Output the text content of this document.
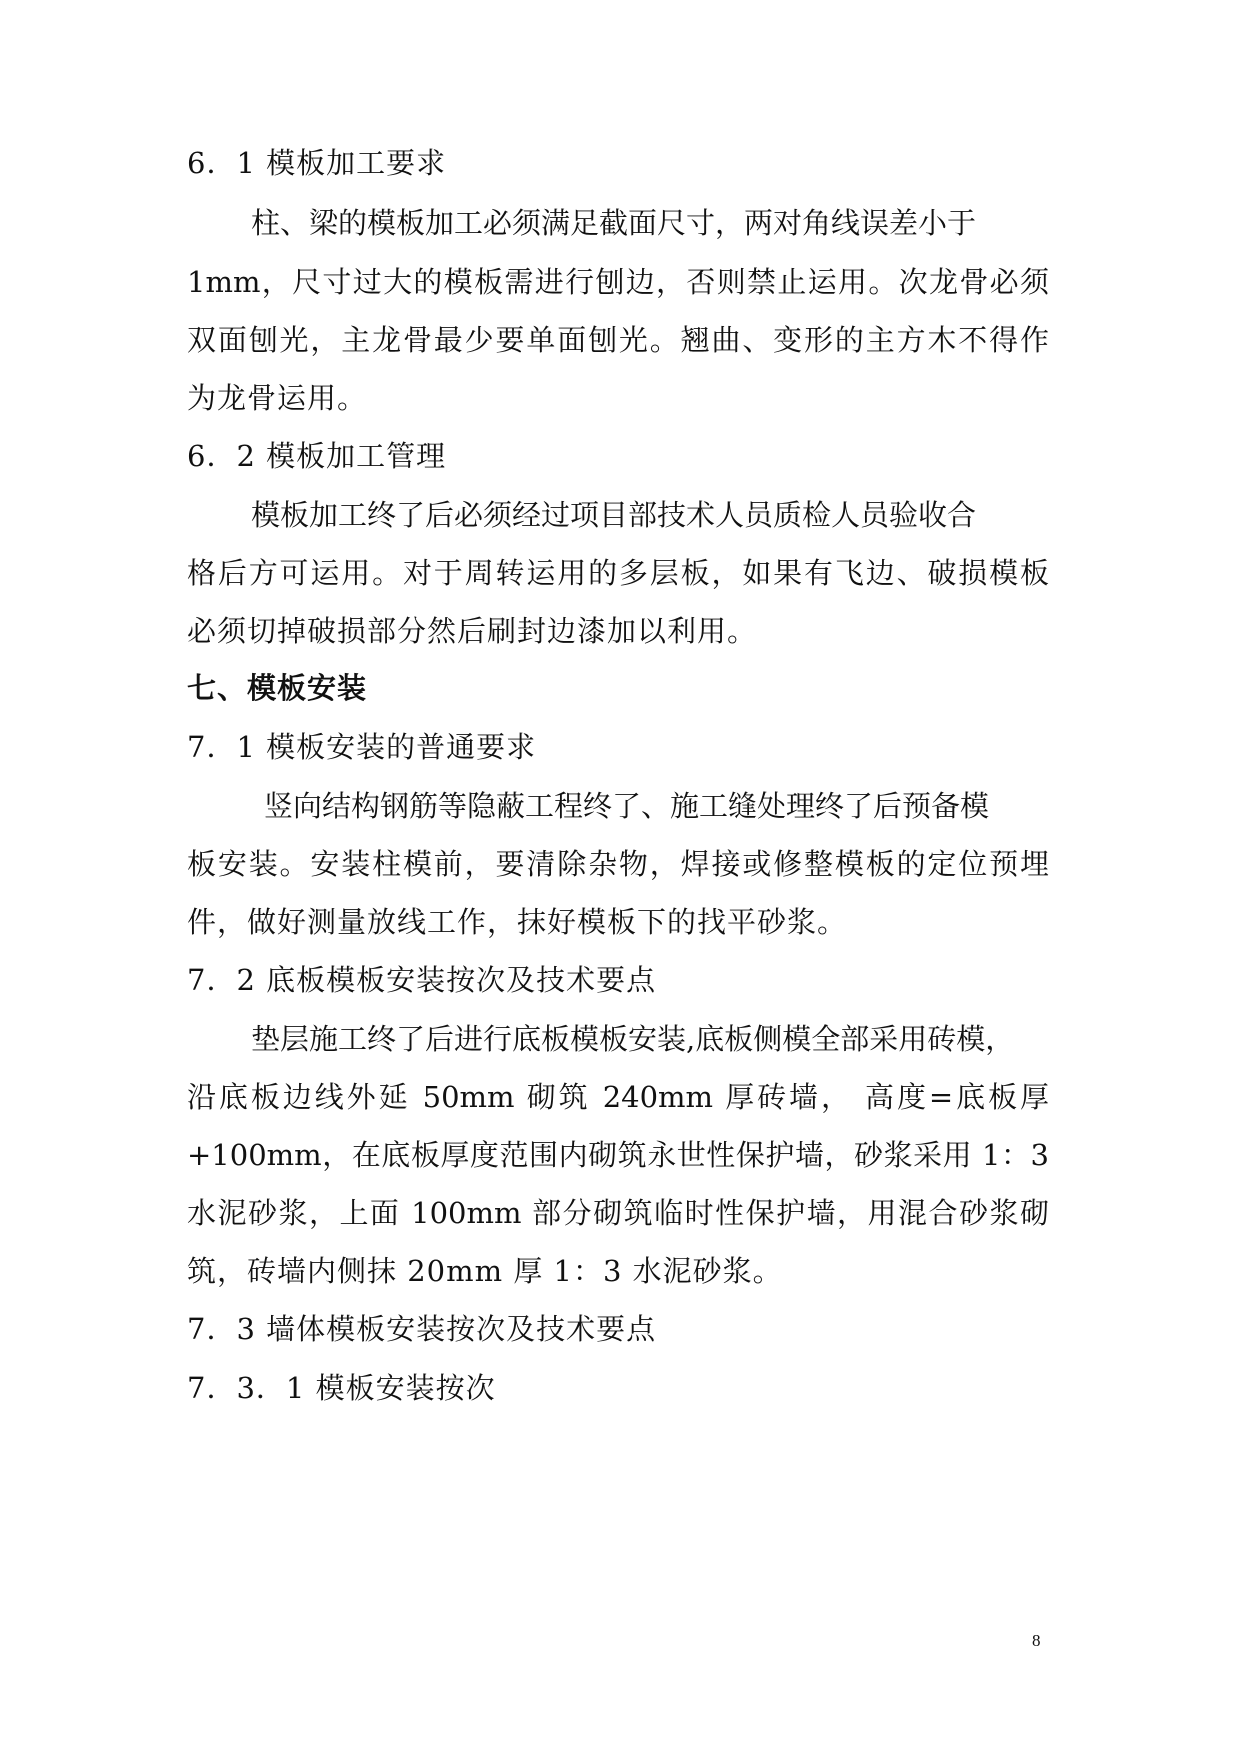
6．1 模板加工要求
柱、梁的模板加工必须满足截面尺寸，两对角线误差小于
1mm，尺寸过大的模板需进行刨边，否则禁止运用。次龙骨必须
双面刨光，主龙骨最少要单面刨光。翘曲、变形的主方木不得作
为龙骨运用。
6．2 模板加工管理
模板加工终了后必须经过项目部技术人员质检人员验收合
格后方可运用。对于周转运用的多层板，如果有飞边、破损模板
必须切掉破损部分然后刷封边漆加以利用。
七、模板安装
7．1 模板安装的普通要求
竖向结构钢筋等隐蔽工程终了、施工缝处理终了后预备模
板安装。安装柱模前，要清除杂物，焊接或修整模板的定位预埋
件，做好测量放线工作，抹好模板下的找平砂浆。
7．2 底板模板安装按次及技术要点
垫层施工终了后进行底板模板安装,底板侧模全部采用砖模，
沿底板边线外延 50mm 砌筑 240mm 厚砖墙， 高度=底板厚
+100mm，在底板厚度范围内砌筑永世性保护墙，砂浆采用 1：3
水泥砂浆，上面 100mm 部分砌筑临时性保护墙，用混合砂浆砌
筑，砖墙内侧抹 20mm 厚 1：3 水泥砂浆。
7．3 墙体模板安装按次及技术要点
7．3．1 模板安装按次
8
